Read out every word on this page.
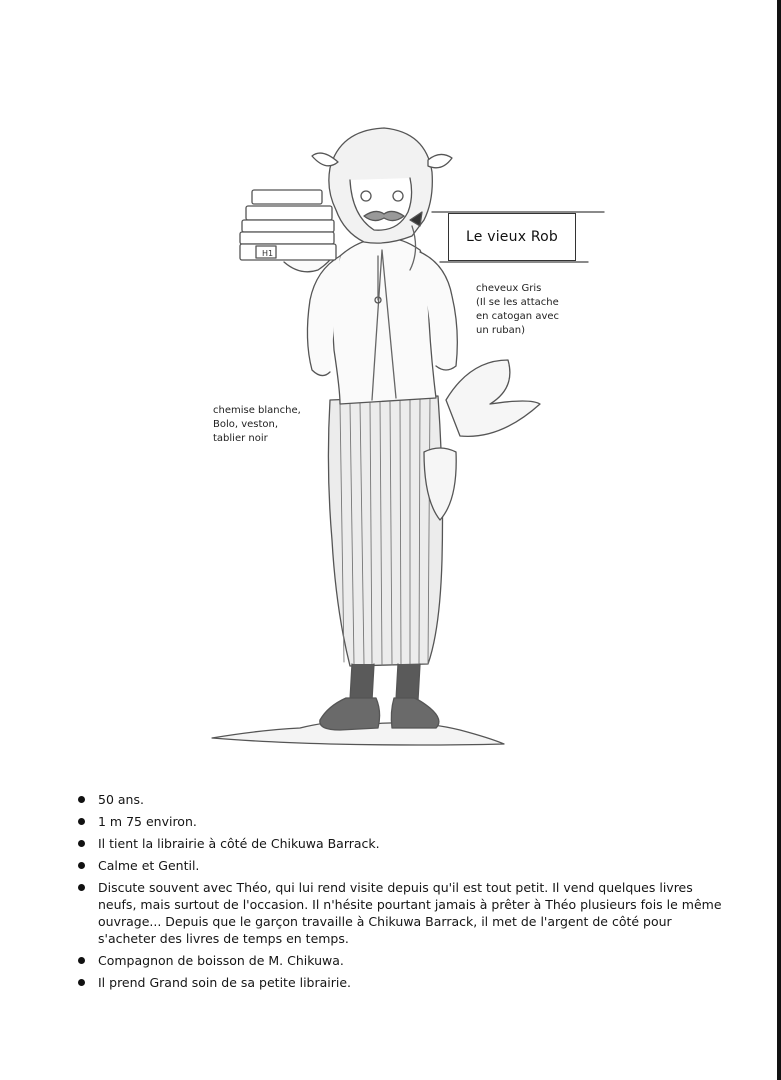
H1
Le vieux Rob
cheveux Gris
(Il se les attache
en catogan avec
un ruban)
chemise blanche,
Bolo, veston,
tablier noir
50 ans.
1 m 75 environ.
Il tient la librairie à côté de Chikuwa Barrack.
Calme et Gentil.
Discute souvent avec Théo, qui lui rend visite depuis qu'il est tout petit. Il vend quelques livres neufs, mais surtout de l'occasion. Il n'hésite pourtant jamais à prêter à Théo plusieurs fois le même ouvrage... Depuis que le garçon travaille à Chikuwa Barrack, il met de l'argent de côté pour s'acheter des livres de temps en temps.
Compagnon de boisson de M. Chikuwa.
Il prend Grand soin de sa petite librairie.
